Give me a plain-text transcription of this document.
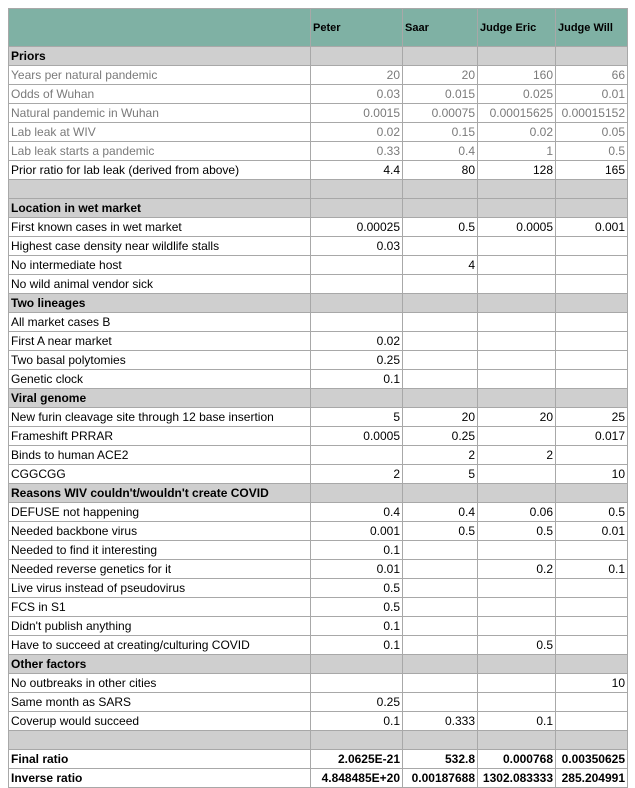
	Peter	Saar	Judge Eric	Judge Will
Priors				
Years per natural pandemic	20	20	160	66
Odds of Wuhan	0.03	0.015	0.025	0.01
Natural pandemic in Wuhan	0.0015	0.00075	0.00015625	0.00015152
Lab leak at WIV	0.02	0.15	0.02	0.05
Lab leak starts a pandemic	0.33	0.4	1	0.5
Prior ratio for lab leak (derived from above)	4.4	80	128	165

Location in wet market				
First known cases in wet market	0.00025	0.5	0.0005	0.001
Highest case density near wildlife stalls	0.03			
No intermediate host		4		
No wild animal vendor sick				
Two lineages				
All market cases B				
First A near market	0.02			
Two basal polytomies	0.25			
Genetic clock	0.1			
Viral genome				
New furin cleavage site through 12 base insertion	5	20	20	25
Frameshift PRRAR	0.0005	0.25		0.017
Binds to human ACE2		2	2	
CGGCGG	2	5		10
Reasons WIV couldn't/wouldn't create COVID				
DEFUSE not happening	0.4	0.4	0.06	0.5
Needed backbone virus	0.001	0.5	0.5	0.01
Needed to find it interesting	0.1			
Needed reverse genetics for it	0.01		0.2	0.1
Live virus instead of pseudovirus	0.5			
FCS in S1	0.5			
Didn't publish anything	0.1			
Have to succeed at creating/culturing COVID	0.1		0.5	
Other factors				
No outbreaks in other cities				10
Same month as SARS	0.25			
Coverup would succeed	0.1	0.333	0.1	

Final ratio	2.0625E-21	532.8	0.000768	0.00350625
Inverse ratio	4.848485E+20	0.00187688	1302.083333	285.204991
